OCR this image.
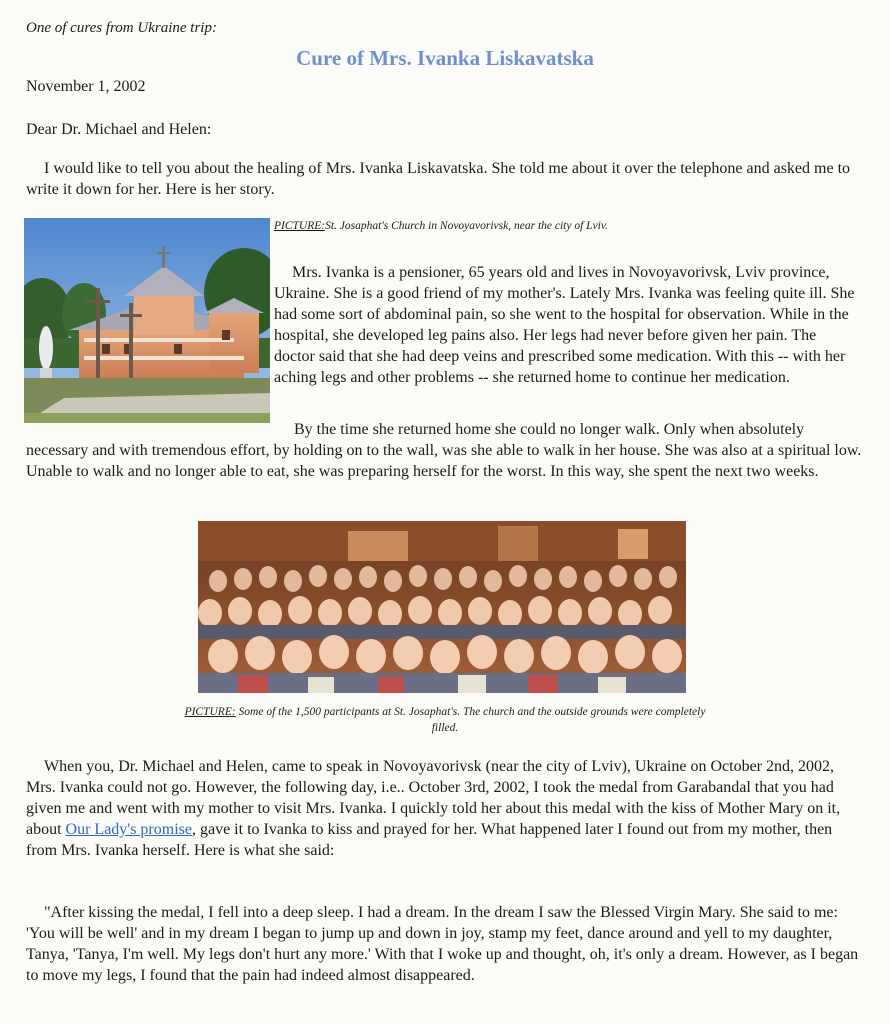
One of cures from Ukraine trip:
Cure of Mrs. Ivanka Liskavatska
November 1, 2002
Dear Dr. Michael and Helen:

I would like to tell you about the healing of Mrs. Ivanka Liskavatska. She told me about it over the telephone and asked me to write it down for her. Here is her story.

PICTURE:St. Josaphat's Church in Novoyavorivsk, near the city of Lviv.

Mrs. Ivanka is a pensioner, 65 years old and lives in Novoyavorivsk, Lviv province, Ukraine. She is a good friend of my mother's. Lately Mrs. Ivanka was feeling quite ill. She had some sort of abdominal pain, so she went to the hospital for observation. While in the hospital, she developed leg pains also. Her legs had never before given her pain. The doctor said that she had deep veins and prescribed some medication. With this -- with her aching legs and other problems -- she returned home to continue her medication.

By the time she returned home she could no longer walk. Only when absolutely necessary and with tremendous effort, by holding on to the wall, was she able to walk in her house. She was also at a spiritual low. Unable to walk and no longer able to eat, she was preparing herself for the worst. In this way, she spent the next two weeks.

PICTURE: Some of the 1,500 participants at St. Josaphat's. The church and the outside grounds were completely filled.

When you, Dr. Michael and Helen, came to speak in Novoyavorivsk (near the city of Lviv), Ukraine on October 2nd, 2002, Mrs. Ivanka could not go. However, the following day, i.e.. October 3rd, 2002, I took the medal from Garabandal that you had given me and went with my mother to visit Mrs. Ivanka. I quickly told her about this medal with the kiss of Mother Mary on it, about Our Lady's promise, gave it to Ivanka to kiss and prayed for her. What happened later I found out from my mother, then from Mrs. Ivanka herself. Here is what she said:

"After kissing the medal, I fell into a deep sleep. I had a dream. In the dream I saw the Blessed Virgin Mary. She said to me: 'You will be well' and in my dream I began to jump up and down in joy, stamp my feet, dance around and yell to my daughter, Tanya, 'Tanya, I'm well. My legs don't hurt any more.' With that I woke up and thought, oh, it's only a dream. However, as I began to move my legs, I found that the pain had indeed almost disappeared.
